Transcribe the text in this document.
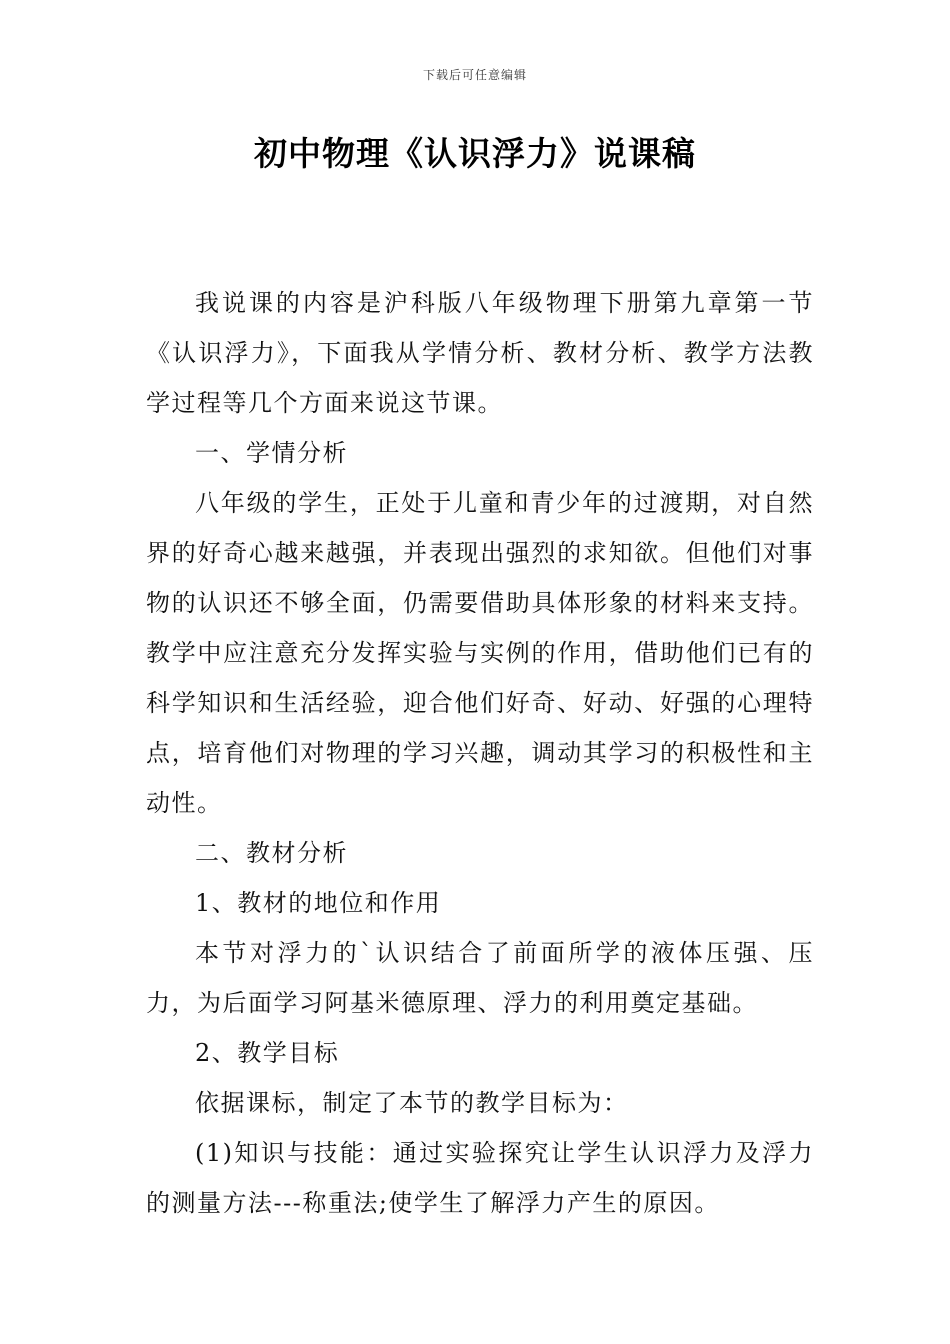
下载后可任意编辑
初中物理《认识浮力》说课稿

我说课的内容是沪科版八年级物理下册第九章第一节《认识浮力》，下面我从学情分析、教材分析、教学方法教学过程等几个方面来说这节课。

一、学情分析

八年级的学生，正处于儿童和青少年的过渡期，对自然界的好奇心越来越强，并表现出强烈的求知欲。但他们对事物的认识还不够全面，仍需要借助具体形象的材料来支持。教学中应注意充分发挥实验与实例的作用，借助他们已有的科学知识和生活经验，迎合他们好奇、好动、好强的心理特点，培育他们对物理的学习兴趣，调动其学习的积极性和主动性。

二、教材分析

1、教材的地位和作用

本节对浮力的`认识结合了前面所学的液体压强、压力，为后面学习阿基米德原理、浮力的利用奠定基础。

2、教学目标

依据课标，制定了本节的教学目标为：

(1)知识与技能：通过实验探究让学生认识浮力及浮力的测量方法---称重法;使学生了解浮力产生的原因。
